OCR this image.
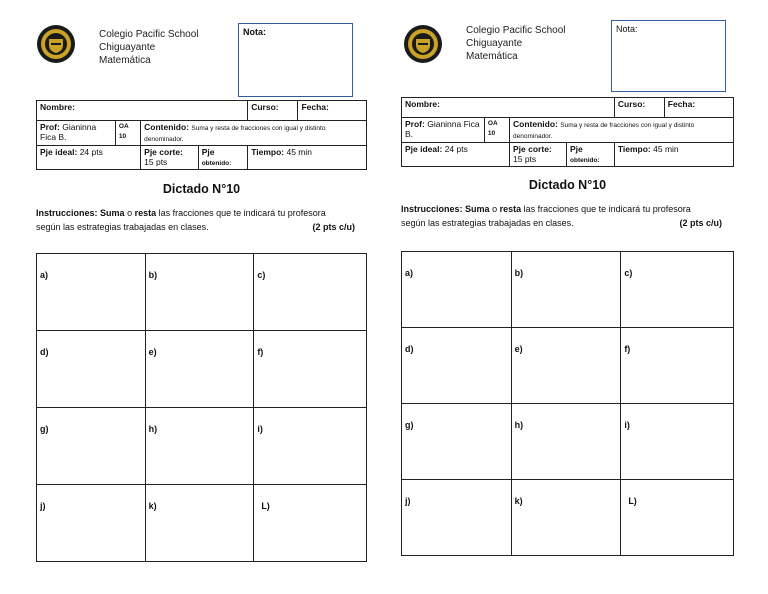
Colegio Pacific School
Chiguayante
Matemática
Nota:
Nombre:				Curso:	Fecha:
Prof: Gianinna Fica B.	OA 10	Contenido: Suma y resta de fracciones con igual y distinto denominador.			
Pje ideal: 24 pts		Pje corte: 15 pts	Pje
obtenido:	Tiempo: 45 min	
Dictado N°10
Instrucciones: Suma o resta las fracciones que te indicará tu profesora
según las estrategias trabajadas en clases.	(2 pts c/u)
a)	b)	c)
d)	e)	f)
g)	h)	i)
j)	k)	L)
Colegio Pacific School
Chiguayante
Matemática
Nota:
Nombre:				Curso:	Fecha:
Prof: Gianinna Fica B.	OA 10	Contenido: Suma y resta de fracciones con igual y distinto denominador.			
Pje ideal: 24 pts		Pje corte: 15 pts	Pje
obtenido:	Tiempo: 45 min	
Dictado N°10
Instrucciones: Suma o resta las fracciones que te indicará tu profesora
según las estrategias trabajadas en clases.	(2 pts c/u)
a)	b)	c)
d)	e)	f)
g)	h)	i)
j)	k)	L)
